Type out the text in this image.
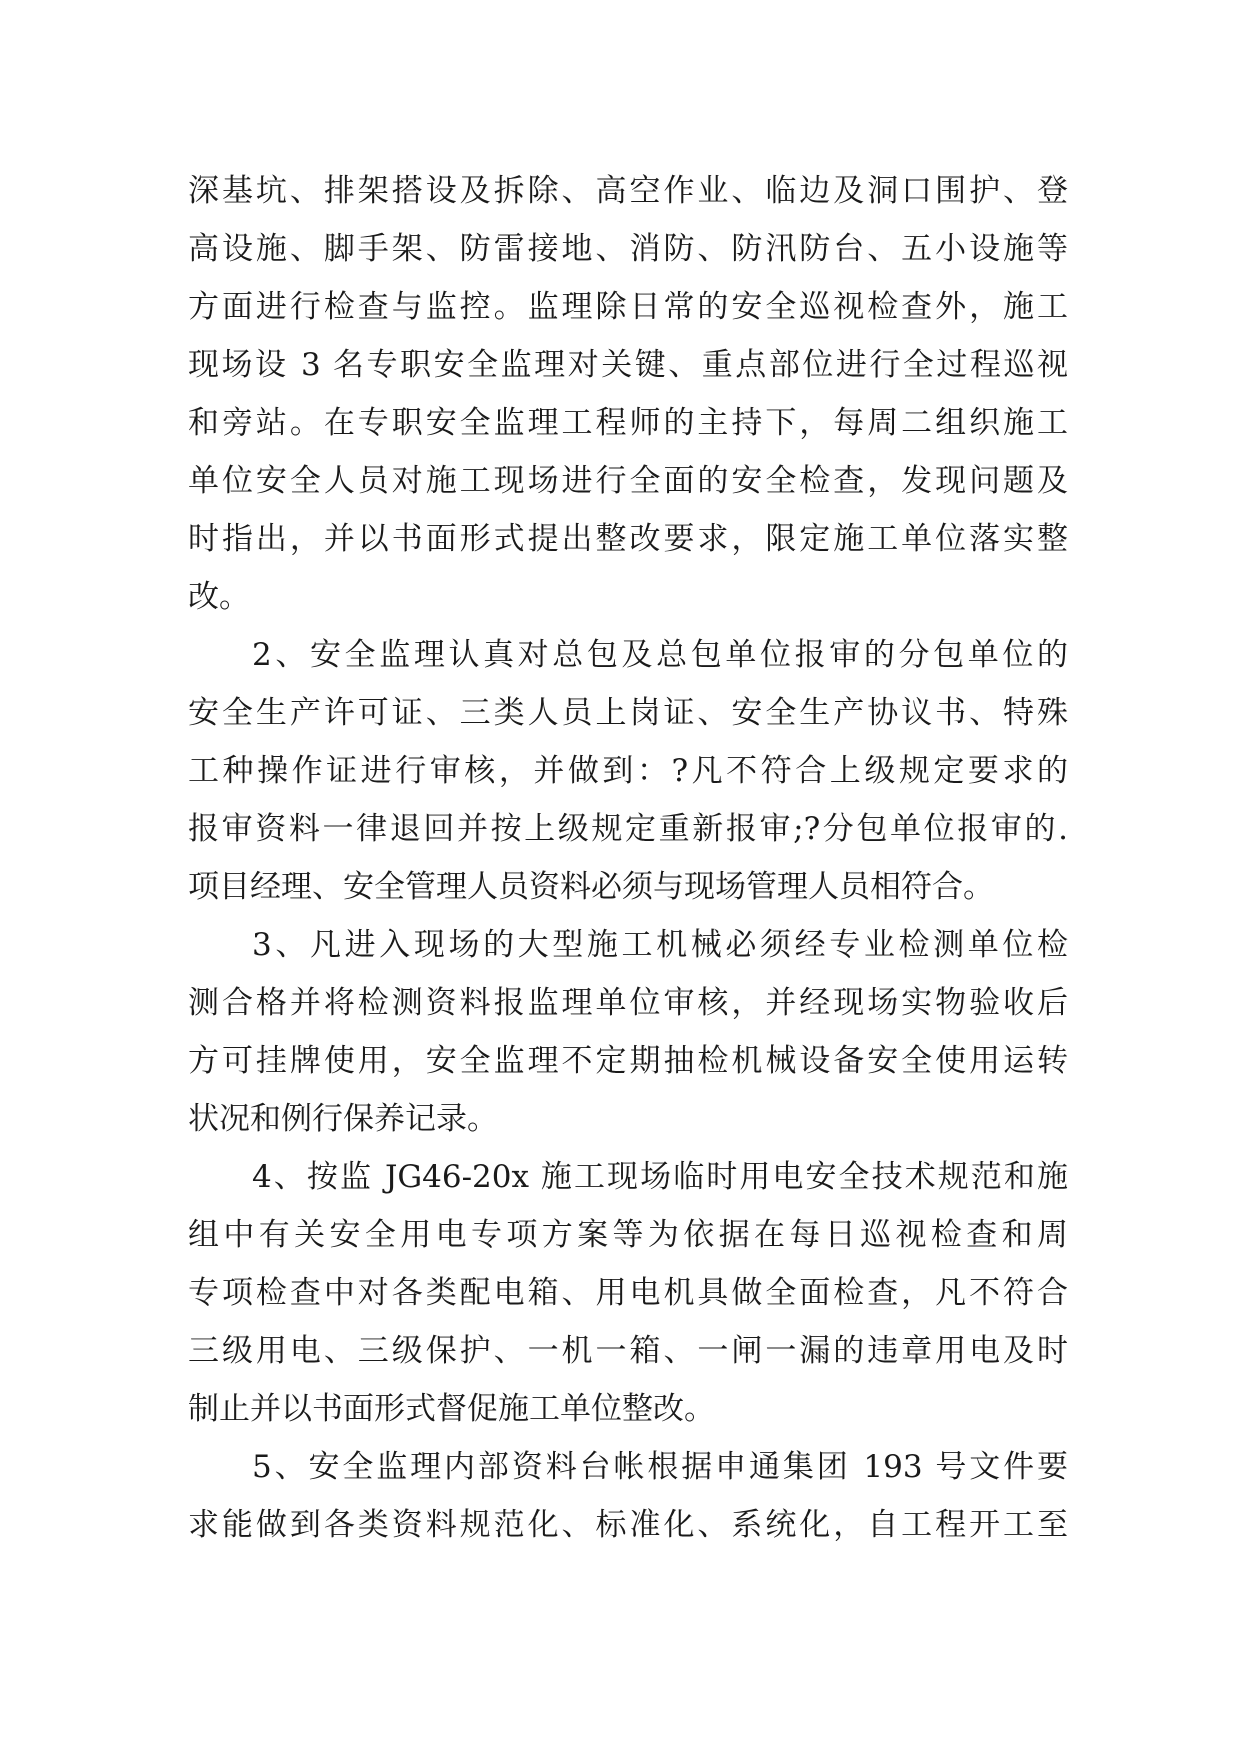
深基坑、排架搭设及拆除、高空作业、临边及洞口围护、登
高设施、脚手架、防雷接地、消防、防汛防台、五小设施等
方面进行检查与监控。监理除日常的安全巡视检查外，施工
现场设 3 名专职安全监理对关键、重点部位进行全过程巡视
和旁站。在专职安全监理工程师的主持下，每周二组织施工
单位安全人员对施工现场进行全面的安全检查，发现问题及
时指出，并以书面形式提出整改要求，限定施工单位落实整
改。
2、安全监理认真对总包及总包单位报审的分包单位的
安全生产许可证、三类人员上岗证、安全生产协议书、特殊
工种操作证进行审核，并做到：?凡不符合上级规定要求的
报审资料一律退回并按上级规定重新报审;?分包单位报审的.
项目经理、安全管理人员资料必须与现场管理人员相符合。
3、凡进入现场的大型施工机械必须经专业检测单位检
测合格并将检测资料报监理单位审核，并经现场实物验收后
方可挂牌使用，安全监理不定期抽检机械设备安全使用运转
状况和例行保养记录。
4、按监 JG46-20x 施工现场临时用电安全技术规范和施
组中有关安全用电专项方案等为依据在每日巡视检查和周
专项检查中对各类配电箱、用电机具做全面检查，凡不符合
三级用电、三级保护、一机一箱、一闸一漏的违章用电及时
制止并以书面形式督促施工单位整改。
5、安全监理内部资料台帐根据申通集团 193 号文件要
求能做到各类资料规范化、标准化、系统化，自工程开工至
